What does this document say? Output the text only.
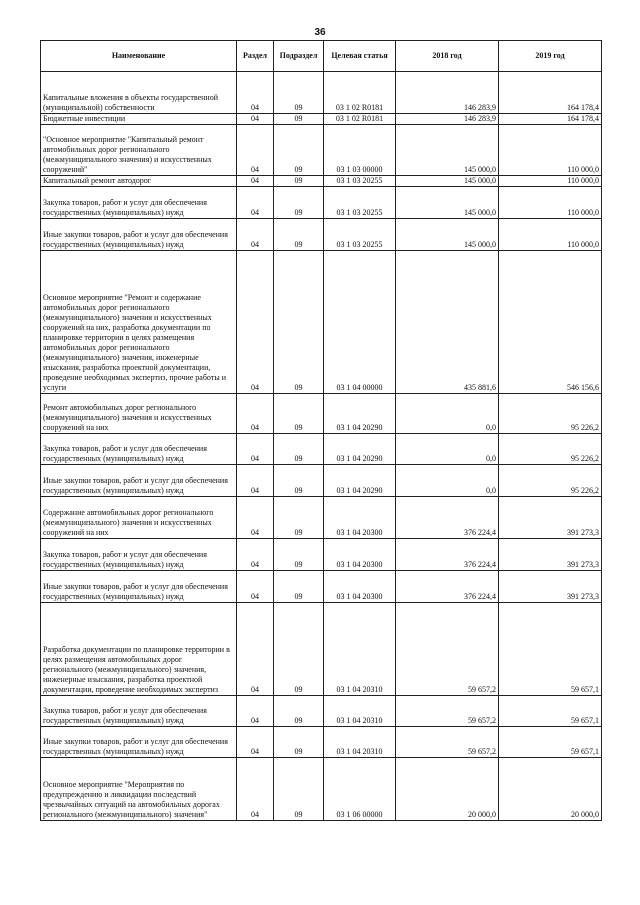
36
Наименование	Раздел	Подраздел	Целевая статья	2018 год	2019 год
Капитальные вложения в объекты государственной (муниципальной) собственности	04	09	03 1 02 R0181	146 283,9	164 178,4
Бюджетные инвестиции	04	09	03 1 02 R0181	146 283,9	164 178,4
"Основное мероприятие "Капитальный ремонт автомобильных дорог регионального (межмуниципального значения) и искусственных сооружений"	04	09	03 1 03 00000	145 000,0	110 000,0
Капитальный ремонт автодорог	04	09	03 1 03 20255	145 000,0	110 000,0
Закупка товаров, работ и услуг для обеспечения государственных (муниципальных) нужд	04	09	03 1 03 20255	145 000,0	110 000,0
Иные закупки товаров, работ и услуг для обеспечения государственных (муниципальных) нужд	04	09	03 1 03 20255	145 000,0	110 000,0
Основное мероприятие "Ремонт и содержание автомобильных дорог регионального (межмуниципального) значения и искусственных сооружений на них, разработка документации по планировке территории в целях размещения автомобильных дорог регионального (межмуниципального) значения, инженерные изыскания, разработка проектной документации, проведение необходимых экспертиз, прочие работы и услуги	04	09	03 1 04 00000	435 881,6	546 156,6
Ремонт автомобильных дорог регионального (межмуниципального) значения и искусственных сооружений на них	04	09	03 1 04 20290	0,0	95 226,2
Закупка товаров, работ и услуг для обеспечения государственных (муниципальных) нужд	04	09	03 1 04 20290	0,0	95 226,2
Иные закупки товаров, работ и услуг для обеспечения государственных (муниципальных) нужд	04	09	03 1 04 20290	0,0	95 226,2
Содержание автомобильных дорог регионального (межмуниципального) значения и искусственных сооружений на них	04	09	03 1 04 20300	376 224,4	391 273,3
Закупка товаров, работ и услуг для обеспечения государственных (муниципальных) нужд	04	09	03 1 04 20300	376 224,4	391 273,3
Иные закупки товаров, работ и услуг для обеспечения государственных (муниципальных) нужд	04	09	03 1 04 20300	376 224,4	391 273,3
Разработка документации по планировке территории в целях размещения автомобильных дорог регионального (межмуниципального) значения, инженерные изыскания, разработка проектной документации, проведение необходимых экспертиз	04	09	03 1 04 20310	59 657,2	59 657,1
Закупка товаров, работ и услуг для обеспечения государственных (муниципальных) нужд	04	09	03 1 04 20310	59 657,2	59 657,1
Иные закупки товаров, работ и услуг для обеспечения государственных (муниципальных) нужд	04	09	03 1 04 20310	59 657,2	59 657,1
Основное мероприятие "Мероприятия по предупреждению и ликвидации последствий чрезвычайных ситуаций на автомобильных дорогах регионального (межмуниципального) значения"	04	09	03 1 06 00000	20 000,0	20 000,0
